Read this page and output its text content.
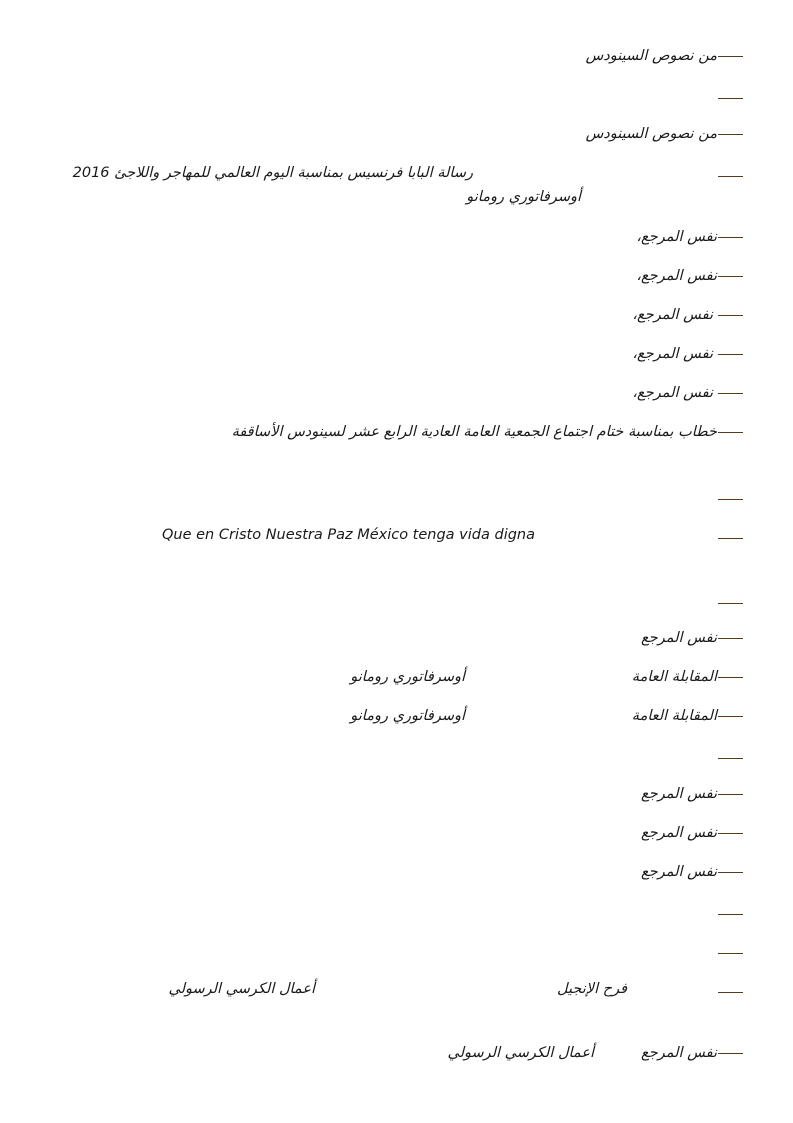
من نصوص السينودس
من نصوص السينودس
رسالة البابا فرنسيس بمناسبة اليوم العالمي للمهاجر واللاجئ 2016
أوسرفاتوري رومانو
نفس المرجع،
نفس المرجع،
نفس المرجع،
نفس المرجع،
نفس المرجع،
خطاب بمناسبة ختام اجتماع الجمعية العامة العادية الرابع عشر لسينودس الأساقفة
Que en Cristo Nuestra Paz México tenga vida digna
نفس المرجع
المقابلة العامة
أوسرفاتوري رومانو
المقابلة العامة
أوسرفاتوري رومانو
نفس المرجع
نفس المرجع
نفس المرجع
فرح الإنجيل
أعمال الكرسي الرسولي
نفس المرجع
أعمال الكرسي الرسولي
